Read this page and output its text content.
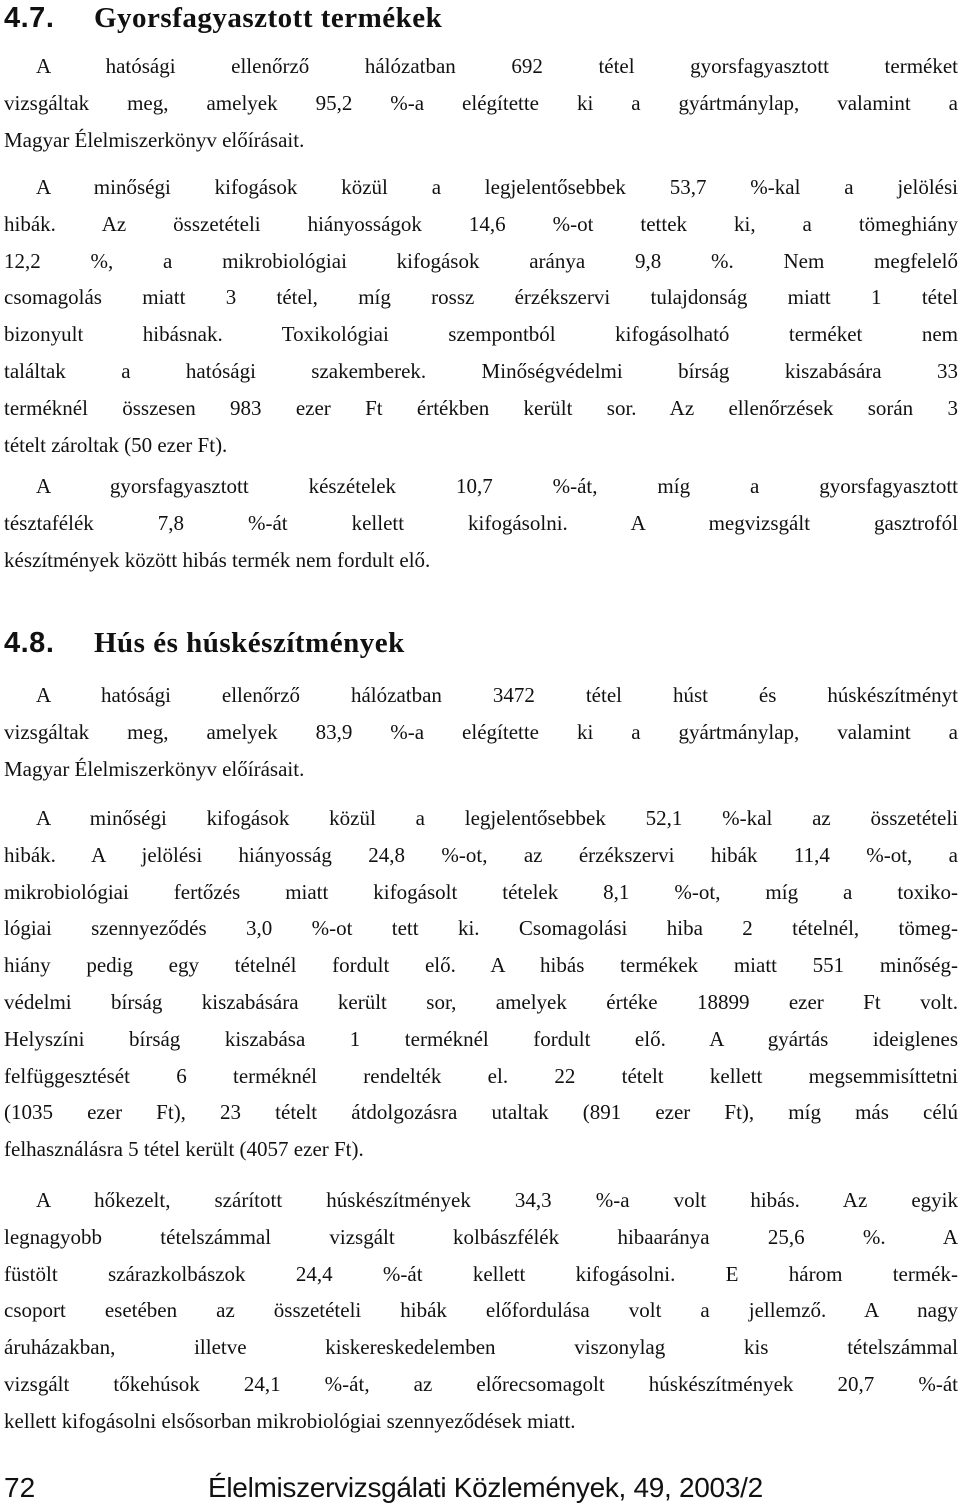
4.7. Gyorsfagyasztott termékek
A hatósági ellenőrző hálózatban 692 tétel gyorsfagyasztott terméket
vizsgáltak meg, amelyek 95,2 %-a elégítette ki a gyártmánylap, valamint a
Magyar Élelmiszerkönyv előírásait.
A minőségi kifogások közül a legjelentősebbek 53,7 %-kal a jelölési
hibák. Az összetételi hiányosságok 14,6 %-ot tettek ki, a tömeghiány
12,2 %, a mikrobiológiai kifogások aránya 9,8 %. Nem megfelelő
csomagolás miatt 3 tétel, míg rossz érzékszervi tulajdonság miatt 1 tétel
bizonyult hibásnak. Toxikológiai szempontból kifogásolható terméket nem
találtak a hatósági szakemberek. Minőségvédelmi bírság kiszabására 33
terméknél összesen 983 ezer Ft értékben került sor. Az ellenőrzések során 3
tételt zároltak (50 ezer Ft).
A gyorsfagyasztott készételek 10,7 %-át, míg a gyorsfagyasztott
tésztafélék 7,8 %-át kellett kifogásolni. A megvizsgált gasztrofól
készítmények között hibás termék nem fordult elő.
4.8. Hús és húskészítmények
A hatósági ellenőrző hálózatban 3472 tétel húst és húskészítményt
vizsgáltak meg, amelyek 83,9 %-a elégítette ki a gyártmánylap, valamint a
Magyar Élelmiszerkönyv előírásait.
A minőségi kifogások közül a legjelentősebbek 52,1 %-kal az összetételi
hibák. A jelölési hiányosság 24,8 %-ot, az érzékszervi hibák 11,4 %-ot, a
mikrobiológiai fertőzés miatt kifogásolt tételek 8,1 %-ot, míg a toxiko-
lógiai szennyeződés 3,0 %-ot tett ki. Csomagolási hiba 2 tételnél, tömeg-
hiány pedig egy tételnél fordult elő. A hibás termékek miatt 551 minőség-
védelmi bírság kiszabására került sor, amelyek értéke 18899 ezer Ft volt.
Helyszíni bírság kiszabása 1 terméknél fordult elő. A gyártás ideiglenes
felfüggesztését 6 terméknél rendelték el. 22 tételt kellett megsemmisíttetni
(1035 ezer Ft), 23 tételt átdolgozásra utaltak (891 ezer Ft), míg más célú
felhasználásra 5 tétel került (4057 ezer Ft).
A hőkezelt, szárított húskészítmények 34,3 %-a volt hibás. Az egyik
legnagyobb tételszámmal vizsgált kolbászfélék hibaaránya 25,6 %. A
füstölt szárazkolbászok 24,4 %-át kellett kifogásolni. E három termék-
csoport esetében az összetételi hibák előfordulása volt a jellemző. A nagy
áruházakban, illetve kiskereskedelemben viszonylag kis tételszámmal
vizsgált tőkehúsok 24,1 %-át, az előrecsomagolt húskészítmények 20,7 %-át
kellett kifogásolni elsősorban mikrobiológiai szennyeződések miatt.
72	Élelmiszervizsgálati Közlemények, 49, 2003/2
